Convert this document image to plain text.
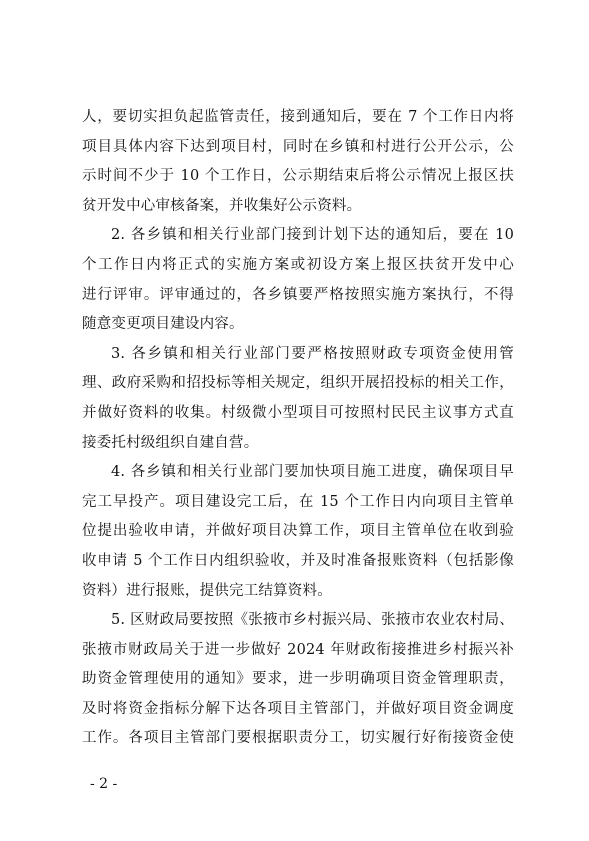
人，要切实担负起监管责任，接到通知后，要在 7 个工作日内将
项目具体内容下达到项目村，同时在乡镇和村进行公开公示，公
示时间不少于 10 个工作日，公示期结束后将公示情况上报区扶
贫开发中心审核备案，并收集好公示资料。
2. 各乡镇和相关行业部门接到计划下达的通知后，要在 10
个工作日内将正式的实施方案或初设方案上报区扶贫开发中心
进行评审。评审通过的，各乡镇要严格按照实施方案执行，不得
随意变更项目建设内容。
3. 各乡镇和相关行业部门要严格按照财政专项资金使用管
理、政府采购和招投标等相关规定，组织开展招投标的相关工作，
并做好资料的收集。村级微小型项目可按照村民民主议事方式直
接委托村级组织自建自营。
4. 各乡镇和相关行业部门要加快项目施工进度，确保项目早
完工早投产。项目建设完工后，在 15 个工作日内向项目主管单
位提出验收申请，并做好项目决算工作，项目主管单位在收到验
收申请 5 个工作日内组织验收，并及时准备报账资料（包括影像
资料）进行报账，提供完工结算资料。
5. 区财政局要按照《张掖市乡村振兴局、张掖市农业农村局、
张掖市财政局关于进一步做好 2024 年财政衔接推进乡村振兴补
助资金管理使用的通知》要求，进一步明确项目资金管理职责，
及时将资金指标分解下达各项目主管部门，并做好项目资金调度
工作。各项目主管部门要根据职责分工，切实履行好衔接资金使
- 2 -
